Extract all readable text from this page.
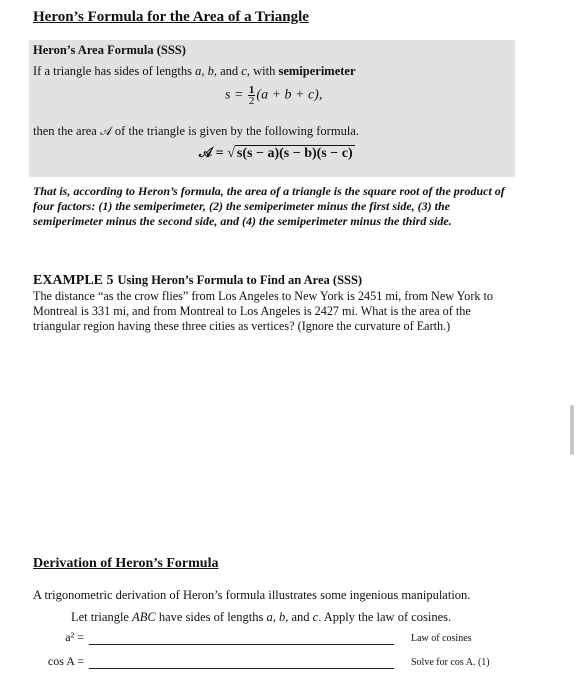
Heron’s Formula for the Area of a Triangle
Heron’s Area Formula (SSS)
If a triangle has sides of lengths a, b, and c, with semiperimeter
$s = \frac{1}{2} (a + b + c)$,
then the area 𝒜 of the triangle is given by the following formula.
𝒜 = √ s(s − a)(s − b)(s − c)
That is, according to Heron’s formula, the area of a triangle is the square root of the product of four factors: (1) the semiperimeter, (2) the semiperimeter minus the first side, (3) the semiperimeter minus the second side, and (4) the semiperimeter minus the third side.
EXAMPLE 5 Using Heron’s Formula to Find an Area (SSS)
The distance “as the crow flies” from Los Angeles to New York is 2451 mi, from New York to Montreal is 331 mi, and from Montreal to Los Angeles is 2427 mi. What is the area of the triangular region having these three cities as vertices? (Ignore the curvature of Earth.)
Derivation of Heron’s Formula
A trigonometric derivation of Heron’s formula illustrates some ingenious manipulation.
Let triangle ABC have sides of lengths a, b, and c. Apply the law of cosines.
a² =	Law of cosines
cos A =	Solve for cos A. (1)
